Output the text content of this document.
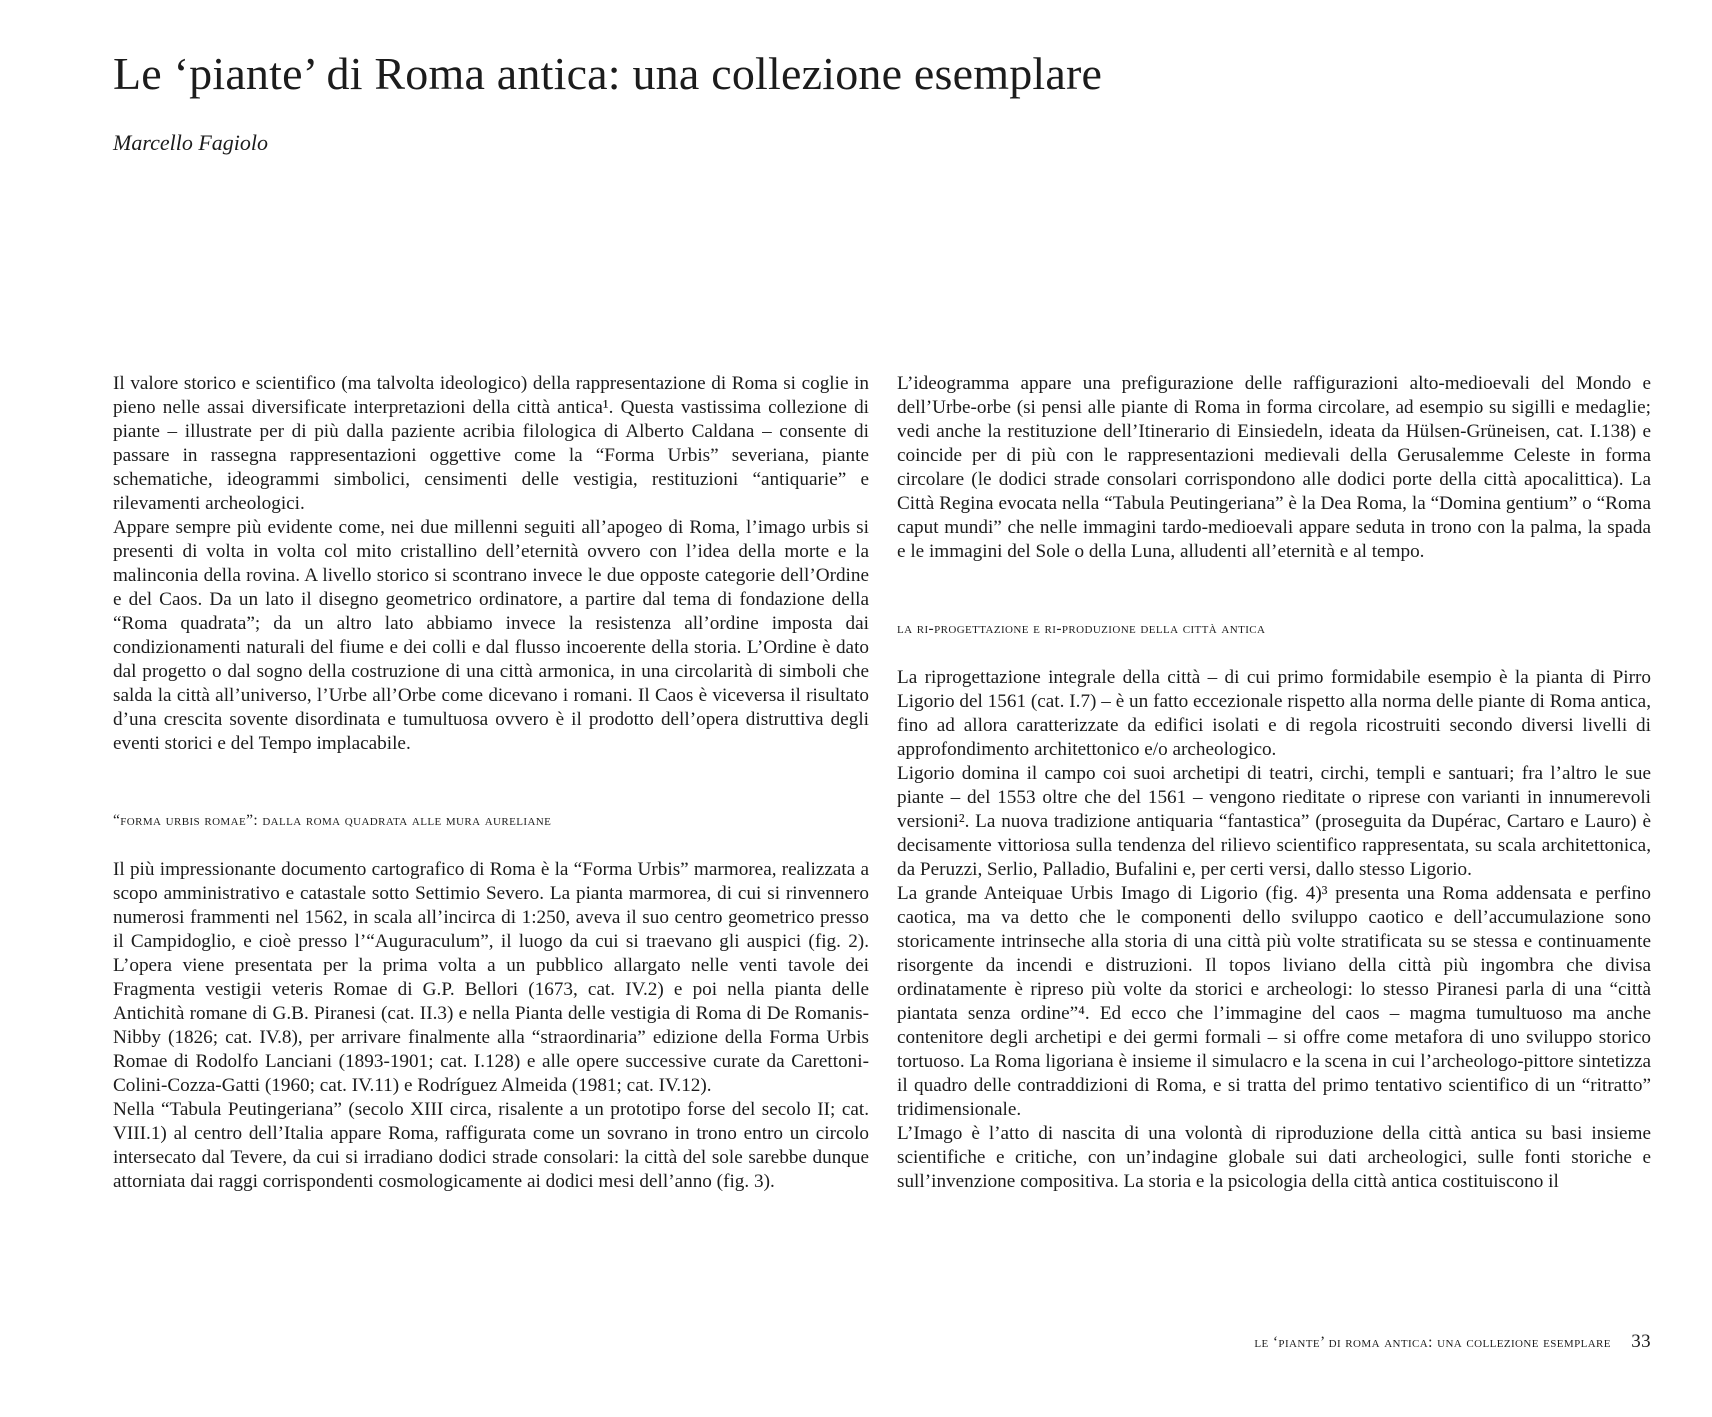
Le ‘piante’ di Roma antica: una collezione esemplare

Marcello Fagiolo

Il valore storico e scientifico (ma talvolta ideologico) della rappresentazione di Roma si coglie in pieno nelle assai diversificate interpretazioni della città antica¹. Questa vastissima collezione di piante – illustrate per di più dalla paziente acribia filologica di Alberto Caldana – consente di passare in rassegna rappresentazioni oggettive come la “Forma Urbis” severiana, piante schematiche, ideogrammi simbolici, censimenti delle vestigia, restituzioni “antiquarie” e rilevamenti archeologici.

Appare sempre più evidente come, nei due millenni seguiti all’apogeo di Roma, l’imago urbis si presenti di volta in volta col mito cristallino dell’eternità ovvero con l’idea della morte e la malinconia della rovina. A livello storico si scontrano invece le due opposte categorie dell’Ordine e del Caos. Da un lato il disegno geometrico ordinatore, a partire dal tema di fondazione della “Roma quadrata”; da un altro lato abbiamo invece la resistenza all’ordine imposta dai condizionamenti naturali del fiume e dei colli e dal flusso incoerente della storia. L’Ordine è dato dal progetto o dal sogno della costruzione di una città armonica, in una circolarità di simboli che salda la città all’universo, l’Urbe all’Orbe come dicevano i romani. Il Caos è viceversa il risultato d’una crescita sovente disordinata e tumultuosa ovvero è il prodotto dell’opera distruttiva degli eventi storici e del Tempo implacabile.

“forma urbis romae”: dalla roma quadrata alle mura aureliane

Il più impressionante documento cartografico di Roma è la “Forma Urbis” marmorea, realizzata a scopo amministrativo e catastale sotto Settimio Severo. La pianta marmorea, di cui si rinvennero numerosi frammenti nel 1562, in scala all’incirca di 1:250, aveva il suo centro geometrico presso il Campidoglio, e cioè presso l’“Auguraculum”, il luogo da cui si traevano gli auspici (fig. 2). L’opera viene presentata per la prima volta a un pubblico allargato nelle venti tavole dei Fragmenta vestigii veteris Romae di G.P. Bellori (1673, cat. IV.2) e poi nella pianta delle Antichità romane di G.B. Piranesi (cat. II.3) e nella Pianta delle vestigia di Roma di De Romanis-Nibby (1826; cat. IV.8), per arrivare finalmente alla “straordinaria” edizione della Forma Urbis Romae di Rodolfo Lanciani (1893-1901; cat. I.128) e alle opere successive curate da Carettoni-Colini-Cozza-Gatti (1960; cat. IV.11) e Rodríguez Almeida (1981; cat. IV.12).

Nella “Tabula Peutingeriana” (secolo XIII circa, risalente a un prototipo forse del secolo II; cat. VIII.1) al centro dell’Italia appare Roma, raffigurata come un sovrano in trono entro un circolo intersecato dal Tevere, da cui si irradiano dodici strade consolari: la città del sole sarebbe dunque attorniata dai raggi corrispondenti cosmologicamente ai dodici mesi dell’anno (fig. 3).

L’ideogramma appare una prefigurazione delle raffigurazioni alto-medioevali del Mondo e dell’Urbe-orbe (si pensi alle piante di Roma in forma circolare, ad esempio su sigilli e medaglie; vedi anche la restituzione dell’Itinerario di Einsiedeln, ideata da Hülsen-Grüneisen, cat. I.138) e coincide per di più con le rappresentazioni medievali della Gerusalemme Celeste in forma circolare (le dodici strade consolari corrispondono alle dodici porte della città apocalittica). La Città Regina evocata nella “Tabula Peutingeriana” è la Dea Roma, la “Domina gentium” o “Roma caput mundi” che nelle immagini tardo-medioevali appare seduta in trono con la palma, la spada e le immagini del Sole o della Luna, alludenti all’eternità e al tempo.

la ri-progettazione e ri-produzione della città antica

La riprogettazione integrale della città – di cui primo formidabile esempio è la pianta di Pirro Ligorio del 1561 (cat. I.7) – è un fatto eccezionale rispetto alla norma delle piante di Roma antica, fino ad allora caratterizzate da edifici isolati e di regola ricostruiti secondo diversi livelli di approfondimento architettonico e/o archeologico.

Ligorio domina il campo coi suoi archetipi di teatri, circhi, templi e santuari; fra l’altro le sue piante – del 1553 oltre che del 1561 – vengono rieditate o riprese con varianti in innumerevoli versioni². La nuova tradizione antiquaria “fantastica” (proseguita da Dupérac, Cartaro e Lauro) è decisamente vittoriosa sulla tendenza del rilievo scientifico rappresentata, su scala architettonica, da Peruzzi, Serlio, Palladio, Bufalini e, per certi versi, dallo stesso Ligorio.

La grande Anteiquae Urbis Imago di Ligorio (fig. 4)³ presenta una Roma addensata e perfino caotica, ma va detto che le componenti dello sviluppo caotico e dell’accumulazione sono storicamente intrinseche alla storia di una città più volte stratificata su se stessa e continuamente risorgente da incendi e distruzioni. Il topos liviano della città più ingombra che divisa ordinatamente è ripreso più volte da storici e archeologi: lo stesso Piranesi parla di una “città piantata senza ordine”⁴. Ed ecco che l’immagine del caos – magma tumultuoso ma anche contenitore degli archetipi e dei germi formali – si offre come metafora di uno sviluppo storico tortuoso. La Roma ligoriana è insieme il simulacro e la scena in cui l’archeologo-pittore sintetizza il quadro delle contraddizioni di Roma, e si tratta del primo tentativo scientifico di un “ritratto” tridimensionale.

L’Imago è l’atto di nascita di una volontà di riproduzione della città antica su basi insieme scientifiche e critiche, con un’indagine globale sui dati archeologici, sulle fonti storiche e sull’invenzione compositiva. La storia e la psicologia della città antica costituiscono il

le ‘piante’ di roma antica: una collezione esemplare 33
